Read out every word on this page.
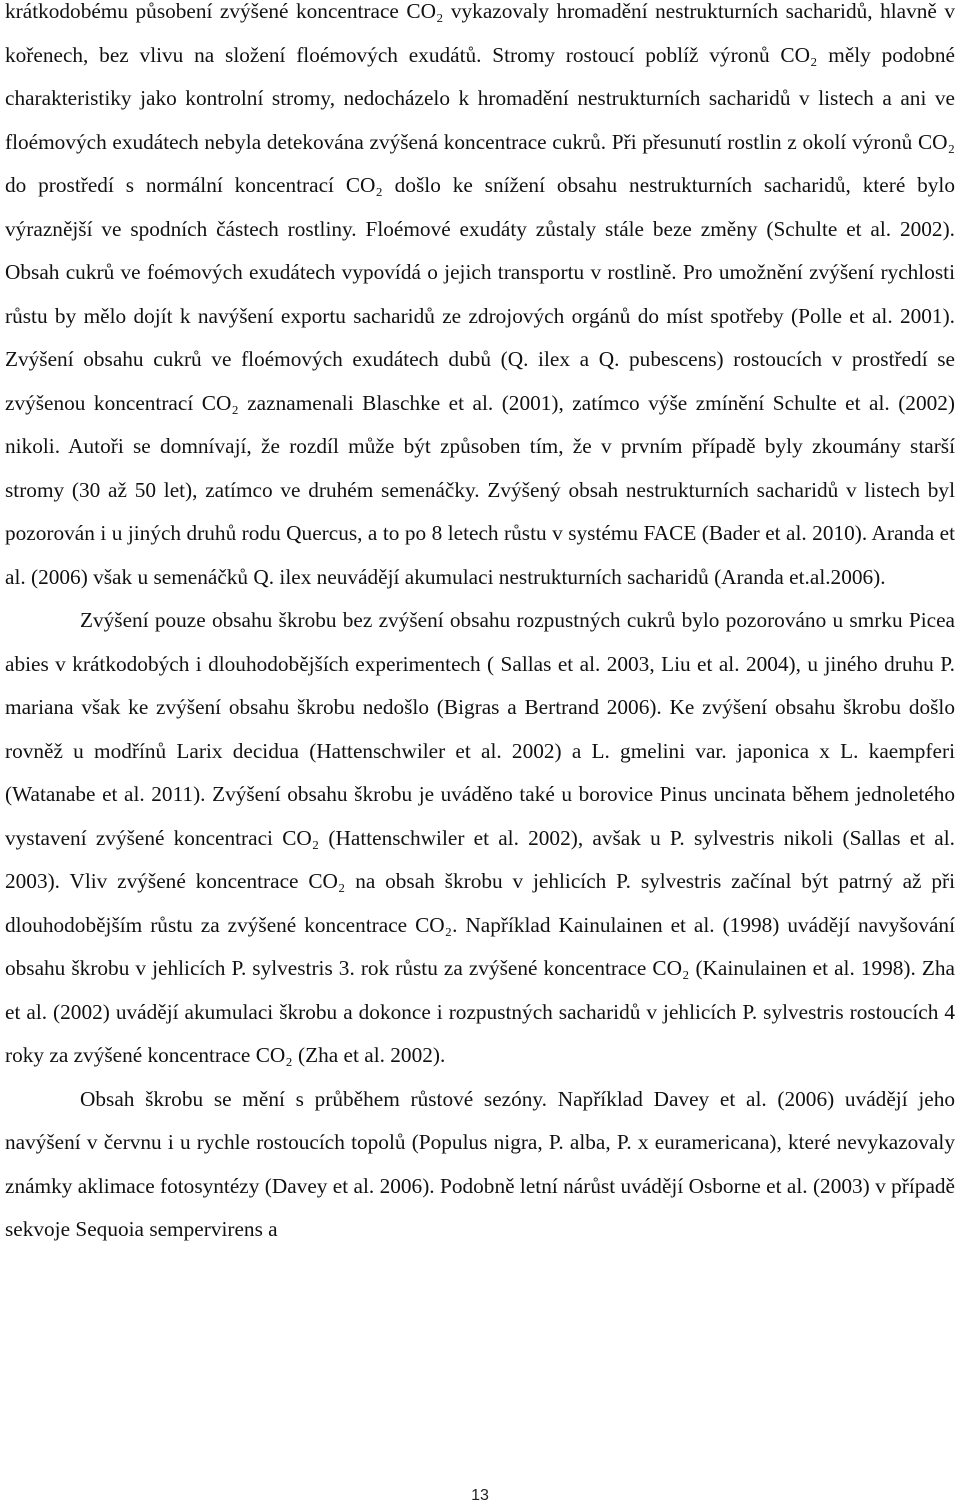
krátkodobému působení zvýšené koncentrace CO₂ vykazovaly hromadění nestrukturních sacharidů, hlavně v kořenech, bez vlivu na složení floémových exudátů. Stromy rostoucí poblíž výronů CO₂ měly podobné charakteristiky jako kontrolní stromy, nedocházelo k hromadění nestrukturních sacharidů v listech a ani ve floémových exudátech nebyla detekována zvýšená koncentrace cukrů. Při přesunutí rostlin z okolí výronů CO₂ do prostředí s normální koncentrací CO₂ došlo ke snížení obsahu nestrukturních sacharidů, které bylo výraznější ve spodních částech rostliny. Floémové exudáty zůstaly stále beze změny (Schulte et al. 2002). Obsah cukrů ve foémových exudátech vypovídá o jejich transportu v rostlině. Pro umožnění zvýšení rychlosti růstu by mělo dojít k navýšení exportu sacharidů ze zdrojových orgánů do míst spotřeby (Polle et al. 2001). Zvýšení obsahu cukrů ve floémových exudátech dubů (Q. ilex a Q. pubescens) rostoucích v prostředí se zvýšenou koncentrací CO₂ zaznamenali Blaschke et al. (2001), zatímco výše zmínění Schulte et al. (2002) nikoli. Autoři se domnívají, že rozdíl může být způsoben tím, že v prvním případě byly zkoumány starší stromy (30 až 50 let), zatímco ve druhém semenáčky. Zvýšený obsah nestrukturních sacharidů v listech byl pozorován i u jiných druhů rodu Quercus, a to po 8 letech růstu v systému FACE (Bader et al. 2010). Aranda et al. (2006) však u semenáčků Q. ilex neuvádějí akumulaci nestrukturních sacharidů (Aranda et.al.2006).

Zvýšení pouze obsahu škrobu bez zvýšení obsahu rozpustných cukrů bylo pozorováno u smrku Picea abies v krátkodobých i dlouhodobějších experimentech ( Sallas et al. 2003, Liu et al. 2004), u jiného druhu P. mariana však ke zvýšení obsahu škrobu nedošlo (Bigras a Bertrand 2006). Ke zvýšení obsahu škrobu došlo rovněž u modřínů Larix decidua (Hattenschwiler et al. 2002) a L. gmelini var. japonica x L. kaempferi (Watanabe et al. 2011). Zvýšení obsahu škrobu je uváděno také u borovice Pinus uncinata během jednoletého vystavení zvýšené koncentraci CO₂ (Hattenschwiler et al. 2002), avšak u P. sylvestris nikoli (Sallas et al. 2003). Vliv zvýšené koncentrace CO₂ na obsah škrobu v jehlicích P. sylvestris začínal být patrný až při dlouhodobějším růstu za zvýšené koncentrace CO₂. Například Kainulainen et al. (1998) uvádějí navyšování obsahu škrobu v jehlicích P. sylvestris 3. rok růstu za zvýšené koncentrace CO₂ (Kainulainen et al. 1998). Zha et al. (2002) uvádějí akumulaci škrobu a dokonce i rozpustných sacharidů v jehlicích P. sylvestris rostoucích 4 roky za zvýšené koncentrace CO₂ (Zha et al. 2002).

Obsah škrobu se mění s průběhem růstové sezóny. Například Davey et al. (2006) uvádějí jeho navýšení v červnu i u rychle rostoucích topolů (Populus nigra, P. alba, P. x euramericana), které nevykazovaly známky aklimace fotosyntézy (Davey et al. 2006). Podobně letní nárůst uvádějí Osborne et al. (2003) v případě sekvoje Sequoia sempervirens a

13
